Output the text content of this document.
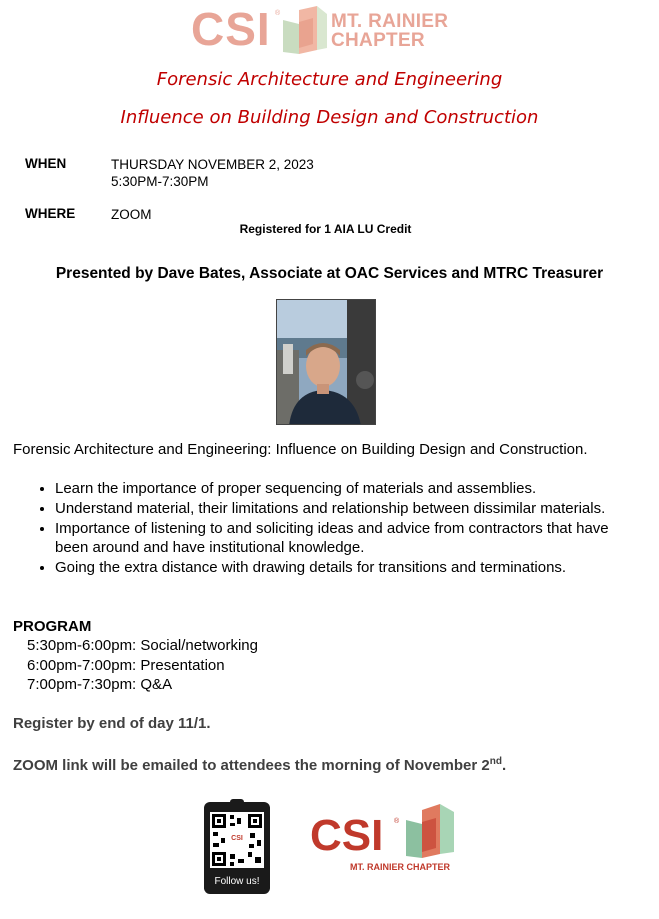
CSI ®	MT. RAINIER
CHAPTER
Forensic Architecture and Engineering
Influence on Building Design and Construction
WHEN	THURSDAY NOVEMBER 2, 2023
5:30PM-7:30PM
WHERE	ZOOM
Registered for 1 AIA LU Credit
Presented by Dave Bates, Associate at OAC Services and MTRC Treasurer
Forensic Architecture and Engineering: Influence on Building Design and Construction.
• Learn the importance of proper sequencing of materials and assemblies.
• Understand material, their limitations and relationship between dissimilar materials.
• Importance of listening to and soliciting ideas and advice from contractors that have been around and have institutional knowledge.
• Going the extra distance with drawing details for transitions and terminations.
PROGRAM
5:30pm-6:00pm: Social/networking
6:00pm-7:00pm: Presentation
7:00pm-7:30pm: Q&A
Register by end of day 11/1.
ZOOM link will be emailed to attendees the morning of November 2nd.
CSI
Follow us!
CSI ®
MT. RAINIER CHAPTER
